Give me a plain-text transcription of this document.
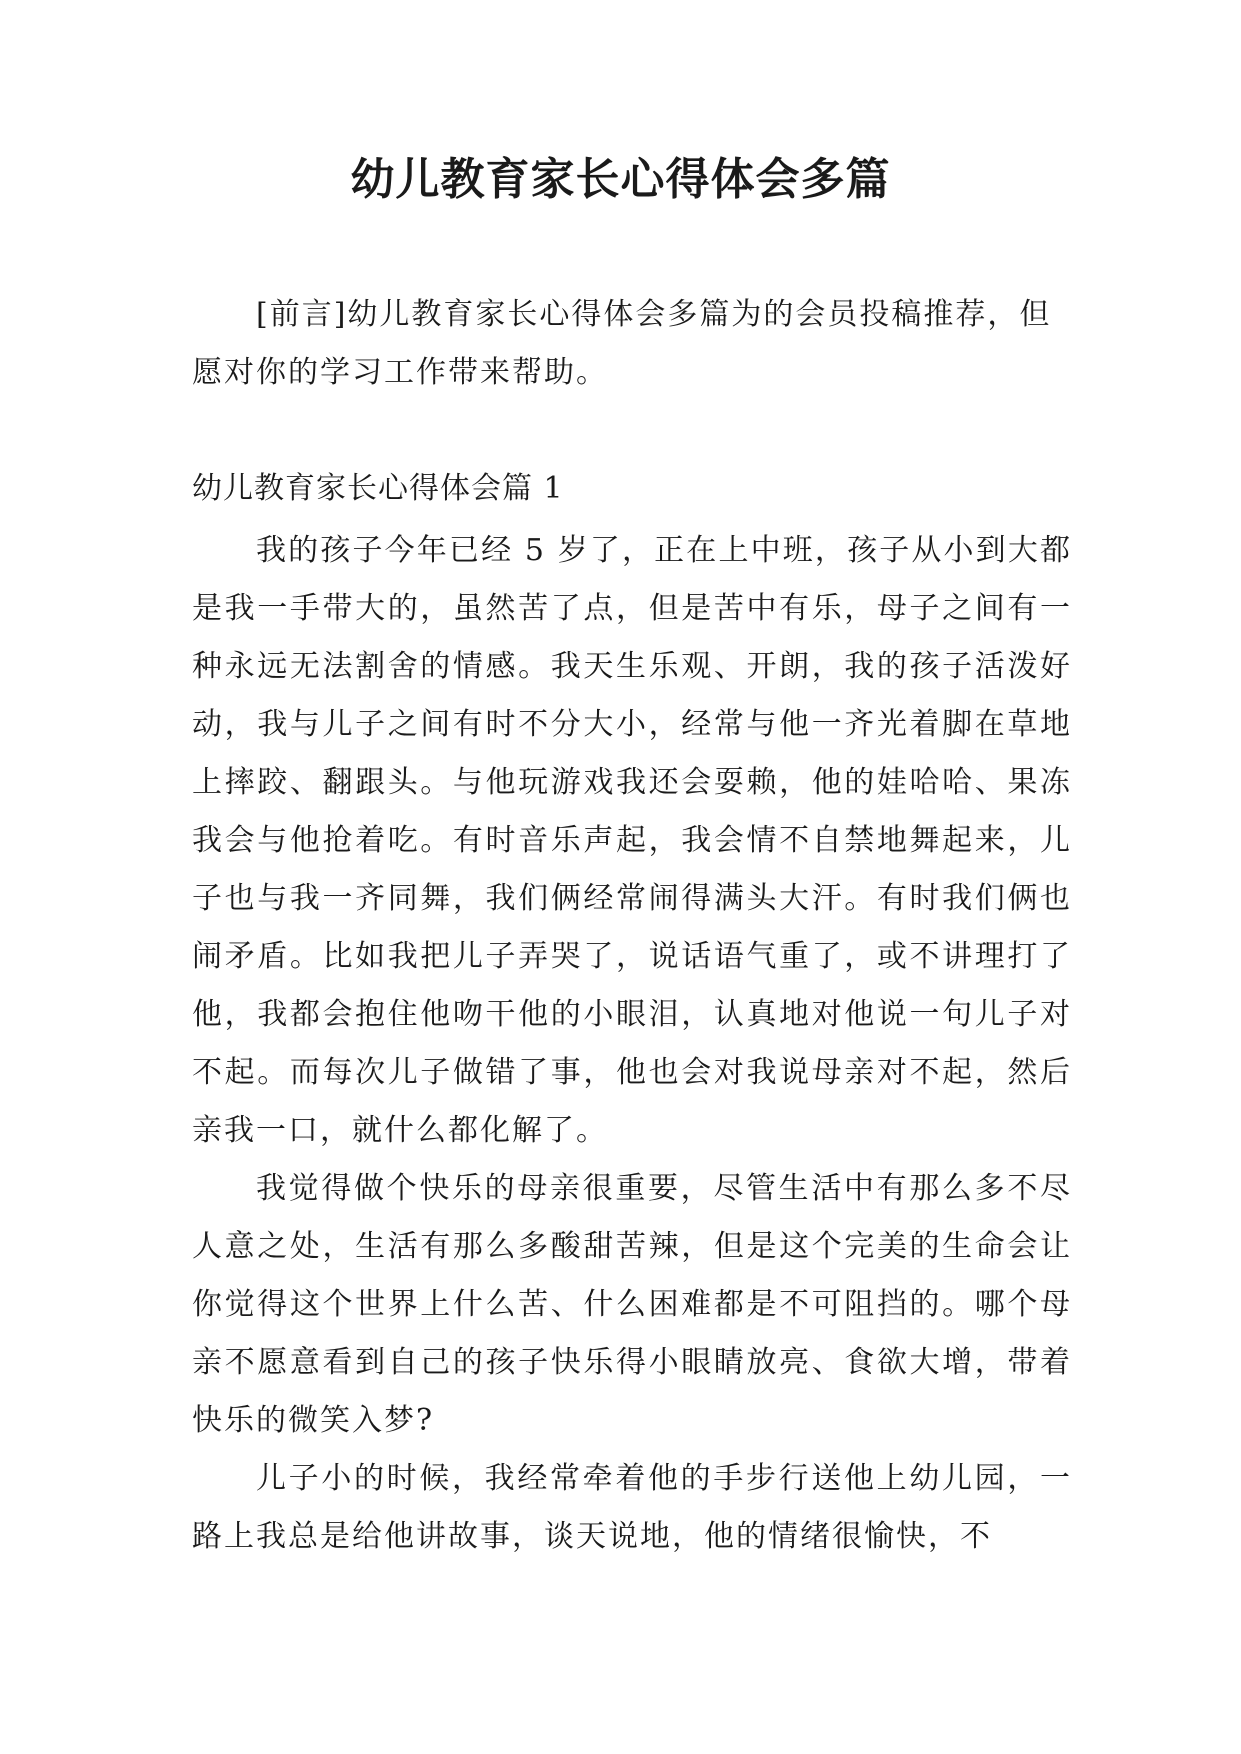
幼儿教育家长心得体会多篇

[前言]幼儿教育家长心得体会多篇为的会员投稿推荐，但愿对你的学习工作带来帮助。

幼儿教育家长心得体会篇 1

我的孩子今年已经 5 岁了，正在上中班，孩子从小到大都是我一手带大的，虽然苦了点，但是苦中有乐，母子之间有一种永远无法割舍的情感。我天生乐观、开朗，我的孩子活泼好动，我与儿子之间有时不分大小，经常与他一齐光着脚在草地上摔跤、翻跟头。与他玩游戏我还会耍赖，他的娃哈哈、果冻我会与他抢着吃。有时音乐声起，我会情不自禁地舞起来，儿子也与我一齐同舞，我们俩经常闹得满头大汗。有时我们俩也闹矛盾。比如我把儿子弄哭了，说话语气重了，或不讲理打了他，我都会抱住他吻干他的小眼泪，认真地对他说一句儿子对不起。而每次儿子做错了事，他也会对我说母亲对不起，然后亲我一口，就什么都化解了。

我觉得做个快乐的母亲很重要，尽管生活中有那么多不尽人意之处，生活有那么多酸甜苦辣，但是这个完美的生命会让你觉得这个世界上什么苦、什么困难都是不可阻挡的。哪个母亲不愿意看到自己的孩子快乐得小眼睛放亮、食欲大增，带着快乐的微笑入梦?

儿子小的时候，我经常牵着他的手步行送他上幼儿园，一路上我总是给他讲故事，谈天说地，他的情绪很愉快，不
